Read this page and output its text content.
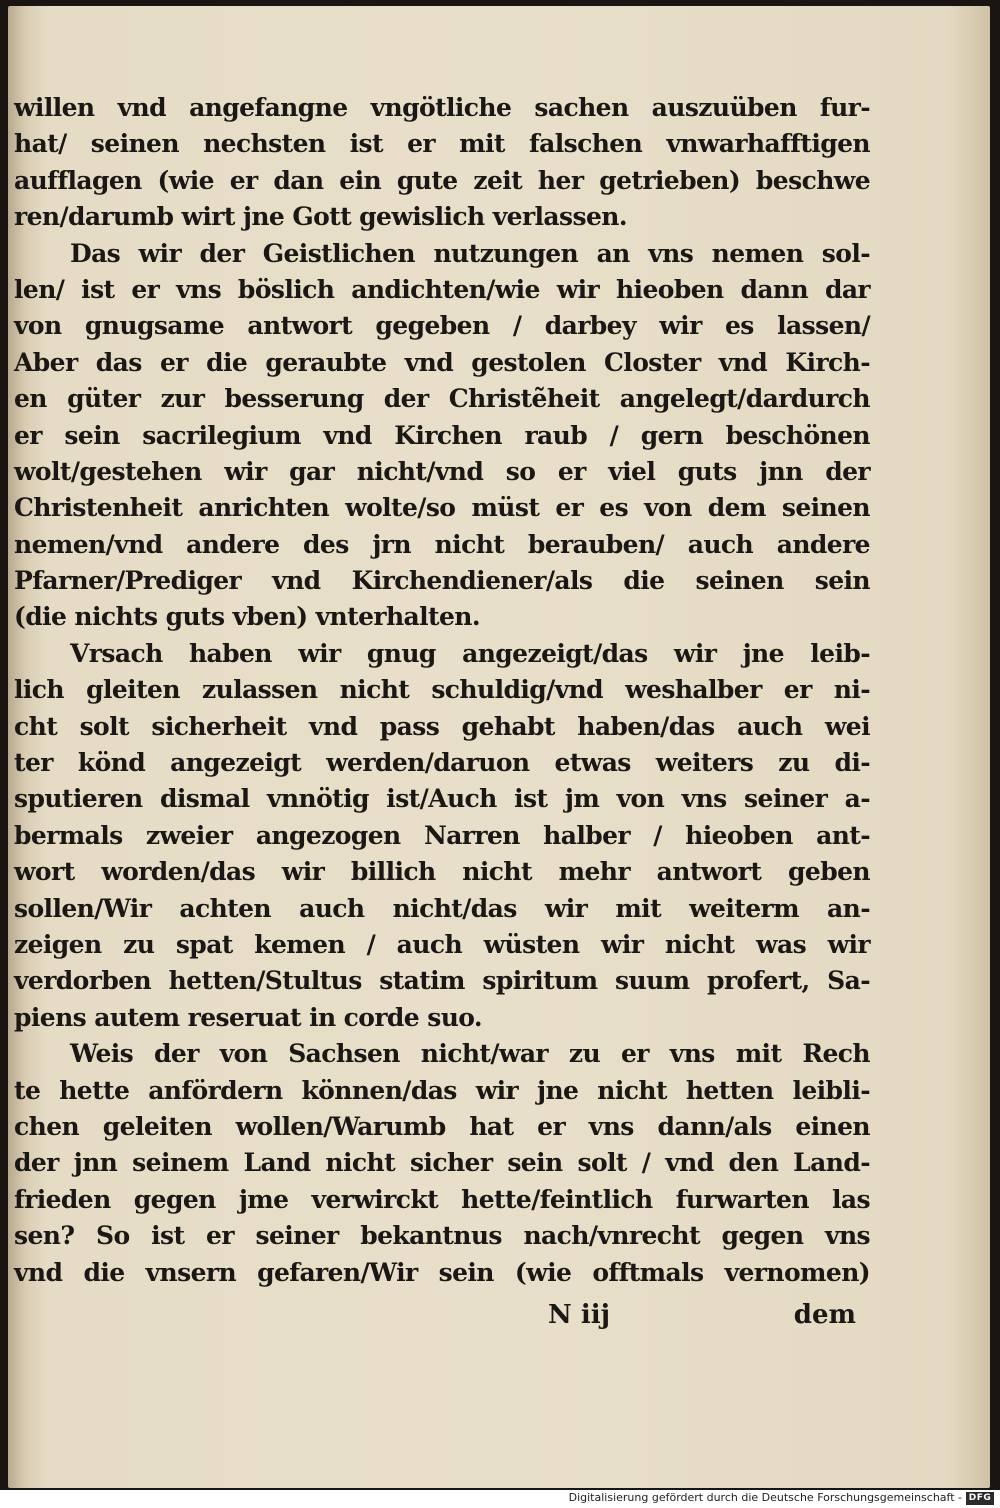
willen vnd angefangne vngötliche sachen auszuüben fur-
hat/ seinen nechsten ist er mit falschen vnwarhafftigen
aufflagen (wie er dan ein gute zeit her getrieben) beschwe
ren/darumb wirt jne Gott gewislich verlassen.
Das wir der Geistlichen nutzungen an vns nemen sol-
len/ ist er vns böslich andichten/wie wir hieoben dann dar
von gnugsame antwort gegeben / darbey wir es lassen/
Aber das er die geraubte vnd gestolen Closter vnd Kirch-
en güter zur besserung der Christẽheit angelegt/dardurch
er sein sacrilegium vnd Kirchen raub / gern beschönen
wolt/gestehen wir gar nicht/vnd so er viel guts jnn der
Christenheit anrichten wolte/so müst er es von dem seinen
nemen/vnd andere des jrn nicht berauben/ auch andere
Pfarner/Prediger vnd Kirchendiener/als die seinen sein
(die nichts guts vben) vnterhalten.
Vrsach haben wir gnug angezeigt/das wir jne leib-
lich gleiten zulassen nicht schuldig/vnd weshalber er ni-
cht solt sicherheit vnd pass gehabt haben/das auch wei
ter könd angezeigt werden/daruon etwas weiters zu di-
sputieren dismal vnnötig ist/Auch ist jm von vns seiner a-
bermals zweier angezogen Narren halber / hieoben ant-
wort worden/das wir billich nicht mehr antwort geben
sollen/Wir achten auch nicht/das wir mit weiterm an-
zeigen zu spat kemen / auch wüsten wir nicht was wir
verdorben hetten/Stultus statim spiritum suum profert, Sa-
piens autem reseruat in corde suo.
Weis der von Sachsen nicht/war zu er vns mit Rech
te hette anfördern können/das wir jne nicht hetten leibli-
chen geleiten wollen/Warumb hat er vns dann/als einen
der jnn seinem Land nicht sicher sein solt / vnd den Land-
frieden gegen jme verwirckt hette/feintlich furwarten las
sen? So ist er seiner bekantnus nach/vnrecht gegen vns
vnd die vnsern gefaren/Wir sein (wie offtmals vernomen)
N iij	dem
Digitalisierung gefördert durch die Deutsche Forschungsgemeinschaft - DFG
